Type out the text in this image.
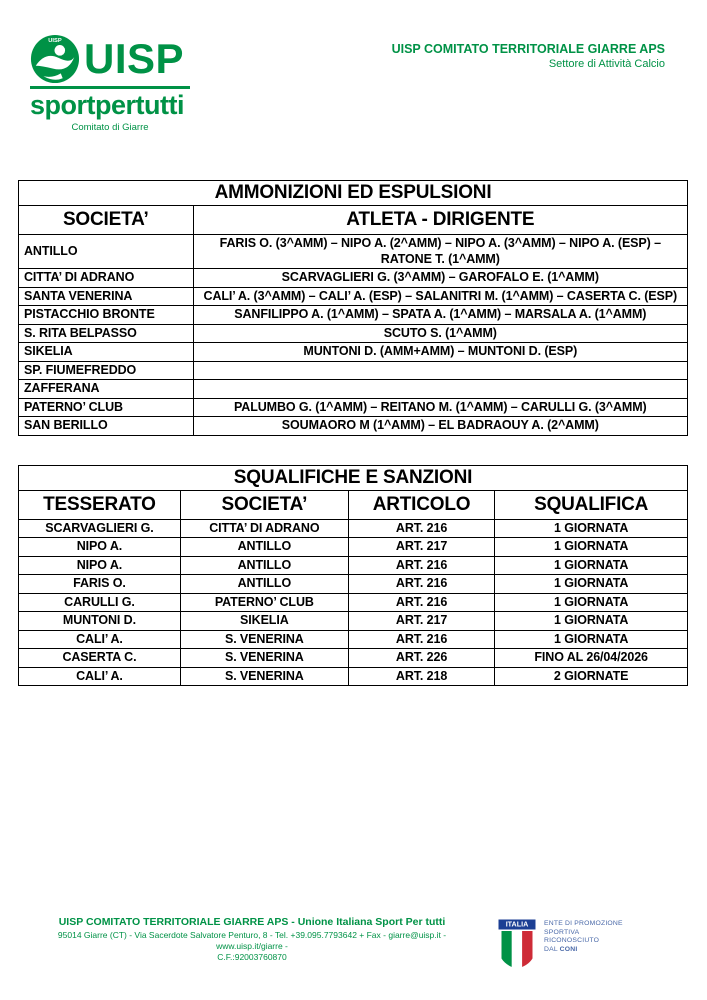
UISP UISP
sportpertutti
Comitato di Giarre
UISP COMITATO TERRITORIALE GIARRE APS
Settore di Attività Calcio
AMMONIZIONI ED ESPULSIONI	
SOCIETA’	ATLETA - DIRIGENTE
ANTILLO	FARIS O. (3^AMM) – NIPO A. (2^AMM) – NIPO A. (3^AMM) – NIPO A. (ESP) – RATONE T. (1^AMM)
CITTA’ DI ADRANO	SCARVAGLIERI G. (3^AMM) – GAROFALO E. (1^AMM)
SANTA VENERINA	CALI’ A. (3^AMM) – CALI’ A. (ESP) – SALANITRI M. (1^AMM) – CASERTA C. (ESP)
PISTACCHIO BRONTE	SANFILIPPO A. (1^AMM) – SPATA A. (1^AMM) – MARSALA A. (1^AMM)
S. RITA BELPASSO	SCUTO S. (1^AMM)
SIKELIA	MUNTONI D. (AMM+AMM) – MUNTONI D. (ESP)
SP. FIUMEFREDDO	
ZAFFERANA	
PATERNO’ CLUB	PALUMBO G. (1^AMM) – REITANO M. (1^AMM) – CARULLI G. (3^AMM)
SAN BERILLO	SOUMAORO M (1^AMM) – EL BADRAOUY A. (2^AMM)
SQUALIFICHE E SANZIONI			
TESSERATO	SOCIETA’	ARTICOLO	SQUALIFICA
SCARVAGLIERI G.	CITTA’ DI ADRANO	ART. 216	1 GIORNATA
NIPO A.	ANTILLO	ART. 217	1 GIORNATA
NIPO A.	ANTILLO	ART. 216	1 GIORNATA
FARIS O.	ANTILLO	ART. 216	1 GIORNATA
CARULLI G.	PATERNO’ CLUB	ART. 216	1 GIORNATA
MUNTONI D.	SIKELIA	ART. 217	1 GIORNATA
CALI’ A.	S. VENERINA	ART. 216	1 GIORNATA
CASERTA C.	S. VENERINA	ART. 226	FINO AL 26/04/2026
CALI’ A.	S. VENERINA	ART. 218	2 GIORNATE
UISP COMITATO TERRITORIALE GIARRE APS - Unione Italiana Sport Per tutti
95014 Giarre (CT) - Via Sacerdote Salvatore Penturo, 8 - Tel. +39.095.7793642 + Fax - giarre@uisp.it - www.uisp.it/giarre -
C.F.:92003760870
ITALIA ENTE DI PROMOZIONE
SPORTIVA
RICONOSCIUTO
DAL CONI
